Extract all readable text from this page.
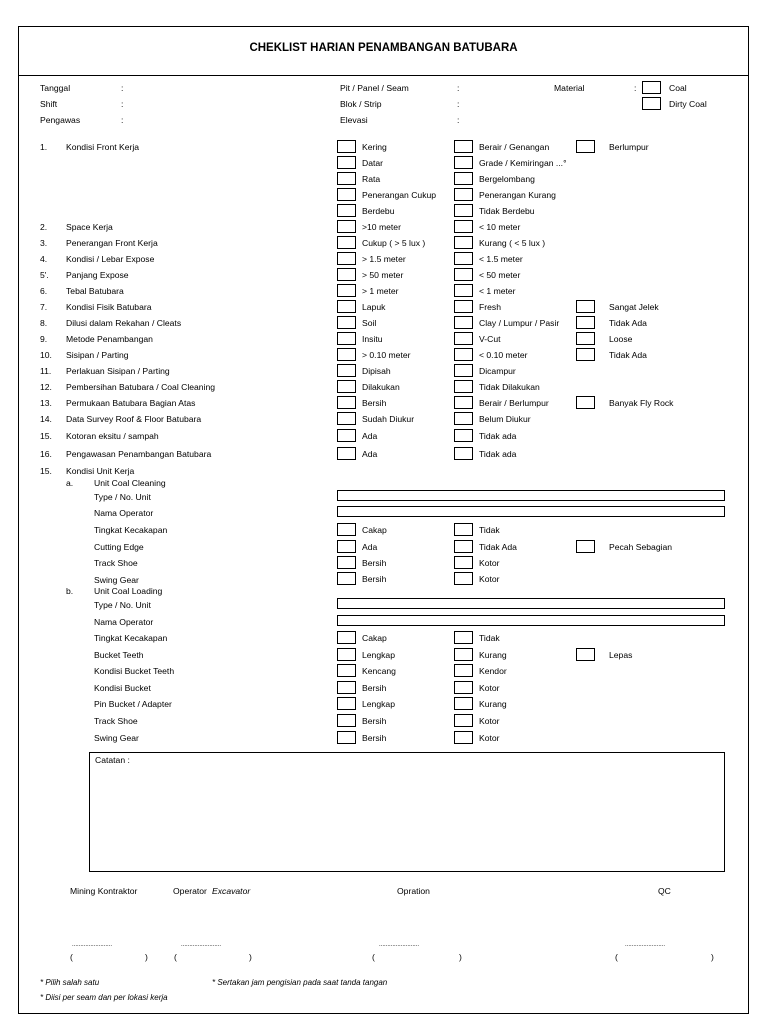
CHEKLIST HARIAN PENAMBANGAN BATUBARA
Tanggal	:
Shift	:
Pengawas	:
Pit / Panel / Seam	:
Blok / Strip	:
Elevasi	:
Material	:	Coal
Dirty Coal
1. Kondisi Front Kerja	Kering	Berair / Genangan	Berlumpur
Datar	Grade / Kemiringan ...°
Rata	Bergelombang
Penerangan Cukup	Penerangan Kurang
Berdebu	Tidak Berdebu
2. Space Kerja	>10 meter	< 10 meter
3. Penerangan Front Kerja	Cukup ( > 5 lux )	Kurang ( < 5 lux )
4. Kondisi / Lebar Expose	> 1.5 meter	< 1.5 meter
5'. Panjang Expose	> 50 meter	< 50 meter
6. Tebal Batubara	> 1 meter	< 1 meter
7. Kondisi Fisik Batubara	Lapuk	Fresh	Sangat Jelek
8. Dilusi dalam Rekahan / Cleats	Soil	Clay / Lumpur / Pasir	Tidak Ada
9. Metode Penambangan	Insitu	V-Cut	Loose
10. Sisipan / Parting	> 0.10 meter	< 0.10 meter	Tidak Ada
11. Perlakuan Sisipan / Parting	Dipisah	Dicampur
12. Pembersihan Batubara / Coal Cleaning	Dilakukan	Tidak Dilakukan
13. Permukaan Batubara Bagian Atas	Bersih	Berair / Berlumpur	Banyak Fly Rock
14. Data Survey Roof & Floor Batubara	Sudah Diukur	Belum Diukur
15. Kotoran eksitu / sampah	Ada	Tidak ada
16. Pengawasan Penambangan Batubara	Ada	Tidak ada
15. Kondisi Unit Kerja
a. Unit Coal Cleaning
Type / No. Unit
Nama Operator
Tingkat Kecakapan	Cakap	Tidak
Cutting Edge	Ada	Tidak Ada	Pecah Sebagian
Track Shoe	Bersih	Kotor
Swing Gear	Bersih	Kotor
b. Unit Coal Loading
Type / No. Unit
Nama Operator
Tingkat Kecakapan	Cakap	Tidak
Bucket Teeth	Lengkap	Kurang	Lepas
Kondisi Bucket Teeth	Kencang	Kendor
Kondisi Bucket	Bersih	Kotor
Pin Bucket / Adapter	Lengkap	Kurang
Track Shoe	Bersih	Kotor
Swing Gear	Bersih	Kotor
Catatan :
Mining Kontraktor	Operator Excavator	Opration	QC
........................	........................	........................	........................
(	)	(	)	(	)	(	)
* Pilih salah satu	* Sertakan jam pengisian pada saat tanda tangan
* Diisi per seam dan per lokasi kerja
